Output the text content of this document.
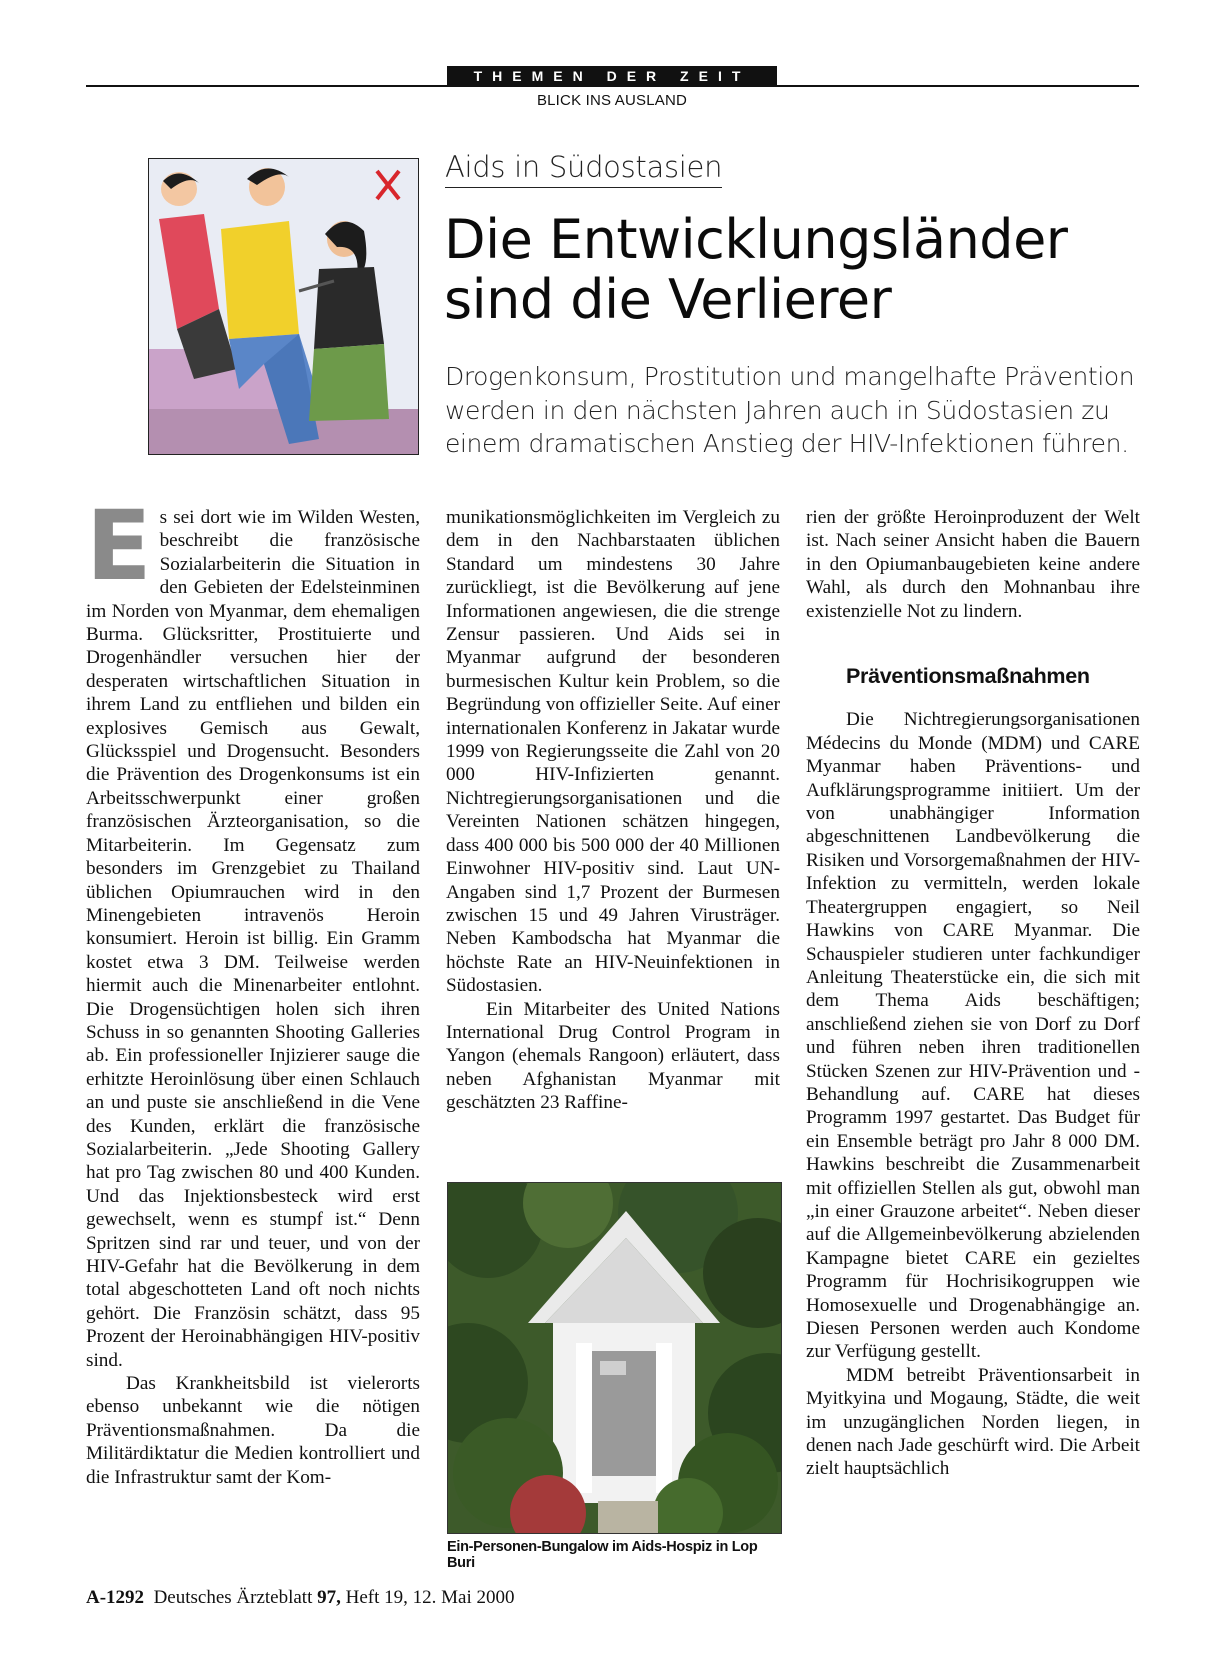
THEMEN DER ZEIT
BLICK INS AUSLAND
Aids in Südostasien
Die Entwicklungsländer sind die Verlierer
Drogenkonsum, Prostitution und mangelhafte Prävention werden in den nächsten Jahren auch in Südostasien zu einem dramatischen Anstieg der HIV-Infektionen führen.

Es sei dort wie im Wilden Westen, beschreibt die französische Sozialarbeiterin die Situation in den Gebieten der Edelsteinminen im Norden von Myanmar, dem ehemaligen Burma. Glücksritter, Prostituierte und Drogenhändler versuchen hier der desperaten wirtschaftlichen Situation in ihrem Land zu entfliehen und bilden ein explosives Gemisch aus Gewalt, Glücksspiel und Drogensucht. Besonders die Prävention des Drogenkonsums ist ein Arbeitsschwerpunkt einer großen französischen Ärzteorganisation, so die Mitarbeiterin. Im Gegensatz zum besonders im Grenzgebiet zu Thailand üblichen Opiumrauchen wird in den Minengebieten intravenös Heroin konsumiert. Heroin ist billig. Ein Gramm kostet etwa 3 DM. Teilweise werden hiermit auch die Minenarbeiter entlohnt. Die Drogensüchtigen holen sich ihren Schuss in so genannten Shooting Galleries ab. Ein professioneller Injizierer sauge die erhitzte Heroinlösung über einen Schlauch an und puste sie anschließend in die Vene des Kunden, erklärt die französische Sozialarbeiterin. „Jede Shooting Gallery hat pro Tag zwischen 80 und 400 Kunden. Und das Injektionsbesteck wird erst gewechselt, wenn es stumpf ist.“ Denn Spritzen sind rar und teuer, und von der HIV-Gefahr hat die Bevölkerung in dem total abgeschotteten Land oft noch nichts gehört. Die Französin schätzt, dass 95 Prozent der Heroinabhängigen HIV-positiv sind.

Das Krankheitsbild ist vielerorts ebenso unbekannt wie die nötigen Präventionsmaßnahmen. Da die Militärdiktatur die Medien kontrolliert und die Infrastruktur samt der Kom-

munikationsmöglichkeiten im Vergleich zu dem in den Nachbarstaaten üblichen Standard um mindestens 30 Jahre zurückliegt, ist die Bevölkerung auf jene Informationen angewiesen, die die strenge Zensur passieren. Und Aids sei in Myanmar aufgrund der besonderen burmesischen Kultur kein Problem, so die Begründung von offizieller Seite. Auf einer internationalen Konferenz in Jakatar wurde 1999 von Regierungsseite die Zahl von 20 000 HIV-Infizierten genannt. Nichtregierungsorganisationen und die Vereinten Nationen schätzen hingegen, dass 400 000 bis 500 000 der 40 Millionen Einwohner HIV-positiv sind. Laut UN-Angaben sind 1,7 Prozent der Burmesen zwischen 15 und 49 Jahren Virusträger. Neben Kambodscha hat Myanmar die höchste Rate an HIV-Neuinfektionen in Südostasien.

Ein Mitarbeiter des United Nations International Drug Control Program in Yangon (ehemals Rangoon) erläutert, dass neben Afghanistan Myanmar mit geschätzten 23 Raffine-

rien der größte Heroinproduzent der Welt ist. Nach seiner Ansicht haben die Bauern in den Opiumanbaugebieten keine andere Wahl, als durch den Mohnanbau ihre existenzielle Not zu lindern.

Präventionsmaßnahmen

Die Nichtregierungsorganisationen Médecins du Monde (MDM) und CARE Myanmar haben Präventions- und Aufklärungsprogramme initiiert. Um der von unabhängiger Information abgeschnittenen Landbevölkerung die Risiken und Vorsorgemaßnahmen der HIV-Infektion zu vermitteln, werden lokale Theatergruppen engagiert, so Neil Hawkins von CARE Myanmar. Die Schauspieler studieren unter fachkundiger Anleitung Theaterstücke ein, die sich mit dem Thema Aids beschäftigen; anschließend ziehen sie von Dorf zu Dorf und führen neben ihren traditionellen Stücken Szenen zur HIV-Prävention und -Behandlung auf. CARE hat dieses Programm 1997 gestartet. Das Budget für ein Ensemble beträgt pro Jahr 8 000 DM. Hawkins beschreibt die Zusammenarbeit mit offiziellen Stellen als gut, obwohl man „in einer Grauzone arbeitet“. Neben dieser auf die Allgemeinbevölkerung abzielenden Kampagne bietet CARE ein gezieltes Programm für Hochrisikogruppen wie Homosexuelle und Drogenabhängige an. Diesen Personen werden auch Kondome zur Verfügung gestellt.

MDM betreibt Präventionsarbeit in Myitkyina und Mogaung, Städte, die weit im unzugänglichen Norden liegen, in denen nach Jade geschürft wird. Die Arbeit zielt hauptsächlich

Ein-Personen-Bungalow im Aids-Hospiz in Lop Buri
A-1292 Deutsches Ärzteblatt 97, Heft 19, 12. Mai 2000
